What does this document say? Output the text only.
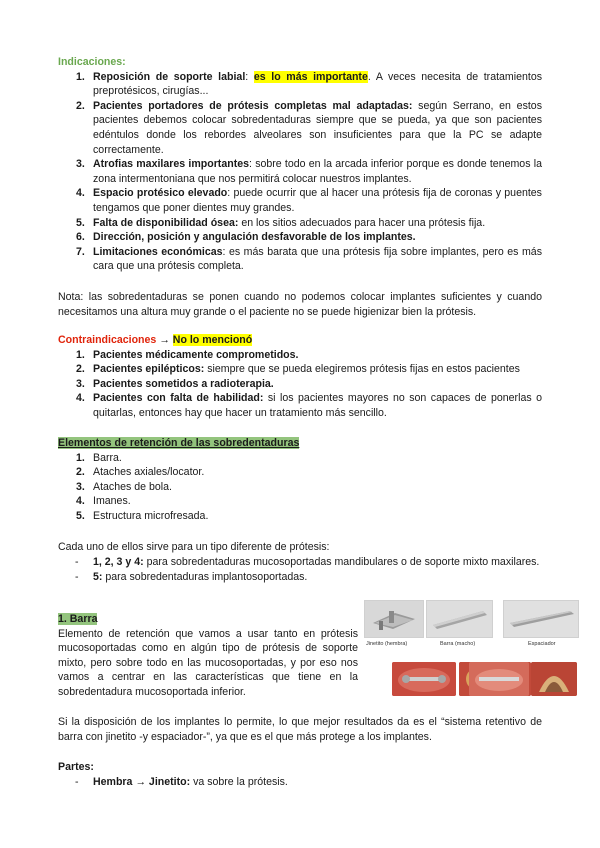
Indicaciones:
1. Reposición de soporte labial: es lo más importante. A veces necesita de tratamientos preprotésicos, cirugías...
2. Pacientes portadores de prótesis completas mal adaptadas: según Serrano, en estos pacientes debemos colocar sobredentaduras siempre que se pueda, ya que son pacientes edéntulos donde los rebordes alveolares son insuficientes para que la PC se adapte correctamente.
3. Atrofias maxilares importantes: sobre todo en la arcada inferior porque es donde tenemos la zona intermentoniana que nos permitirá colocar nuestros implantes.
4. Espacio protésico elevado: puede ocurrir que al hacer una prótesis fija de coronas y puentes tengamos que poner dientes muy grandes.
5. Falta de disponibilidad ósea: en los sitios adecuados para hacer una prótesis fija.
6. Dirección, posición y angulación desfavorable de los implantes.
7. Limitaciones económicas: es más barata que una prótesis fija sobre implantes, pero es más cara que una prótesis completa.

Nota: las sobredentaduras se ponen cuando no podemos colocar implantes suficientes y cuando necesitamos una altura muy grande o el paciente no se puede higienizar bien la prótesis.

Contraindicaciones → No lo mencionó
1. Pacientes médicamente comprometidos.
2. Pacientes epilépticos: siempre que se pueda elegiremos prótesis fijas en estos pacientes
3. Pacientes sometidos a radioterapia.
4. Pacientes con falta de habilidad: si los pacientes mayores no son capaces de ponerlas o quitarlas, entonces hay que hacer un tratamiento más sencillo.
Elementos de retención de las sobredentaduras
1. Barra.
2. Ataches axiales/locator.
3. Ataches de bola.
4. Imanes.
5. Estructura microfresada.

Cada uno de ellos sirve para un tipo diferente de prótesis:

- 1, 2, 3 y 4: para sobredentaduras mucosoportadas mandibulares o de soporte mixto maxilares.
- 5: para sobredentaduras implantosoportadas.
1. Barra

Elemento de retención que vamos a usar tanto en prótesis mucosoportadas como en algún tipo de prótesis de soporte mixto, pero sobre todo en las mucosoportadas, y por eso nos vamos a centrar en las características que tiene en la sobredentadura mucosoportada inferior.

Jinetito (hembra)	Barra (macho)	Espaciador

Si la disposición de los implantes lo permite, lo que mejor resultados da es el “sistema retentivo de barra con jinetito -y espaciador-”, ya que es el que más protege a los implantes.

Partes:
- Hembra → Jinetito: va sobre la prótesis.
